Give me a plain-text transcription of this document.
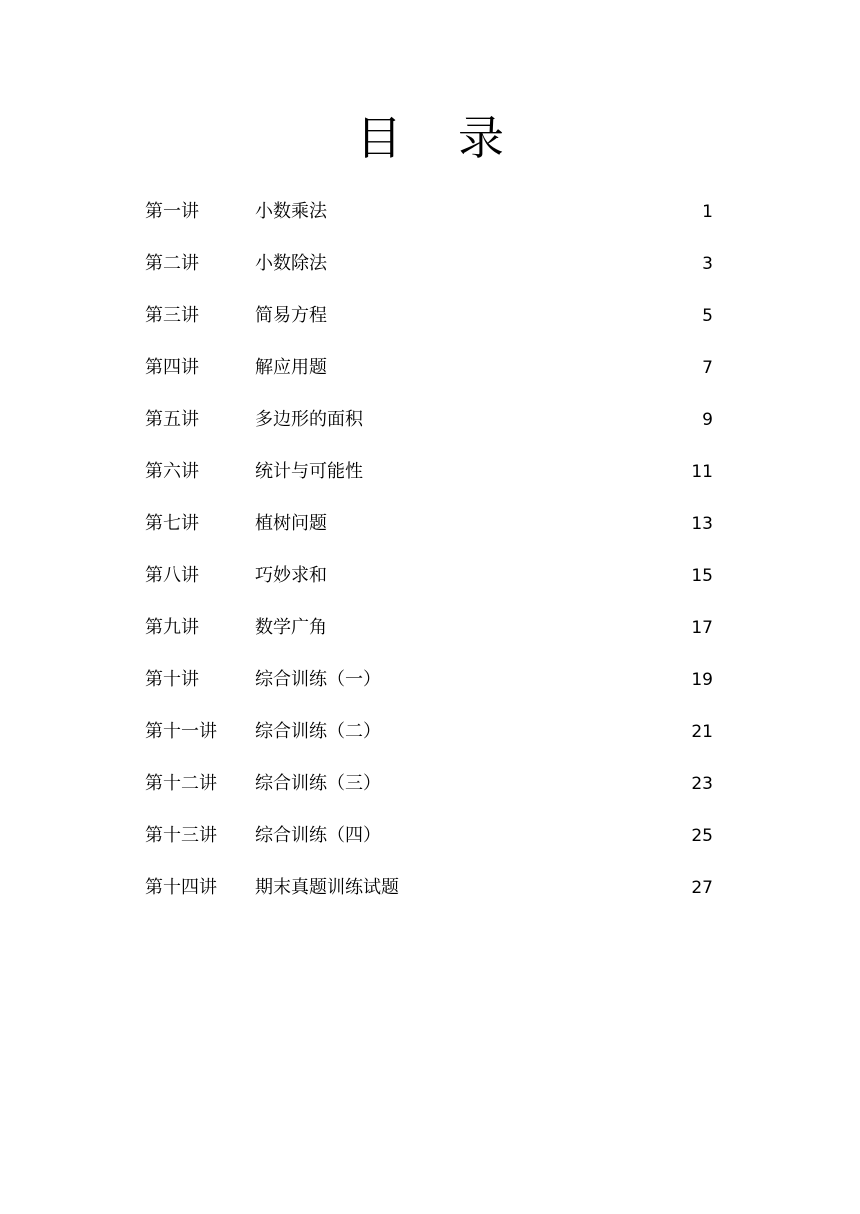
目 录
第一讲	小数乘法	1
第二讲	小数除法	3
第三讲	简易方程	5
第四讲	解应用题	7
第五讲	多边形的面积	9
第六讲	统计与可能性	11
第七讲	植树问题	13
第八讲	巧妙求和	15
第九讲	数学广角	17
第十讲	综合训练（一）	19
第十一讲	综合训练（二）	21
第十二讲	综合训练（三）	23
第十三讲	综合训练（四）	25
第十四讲	期末真题训练试题	27
